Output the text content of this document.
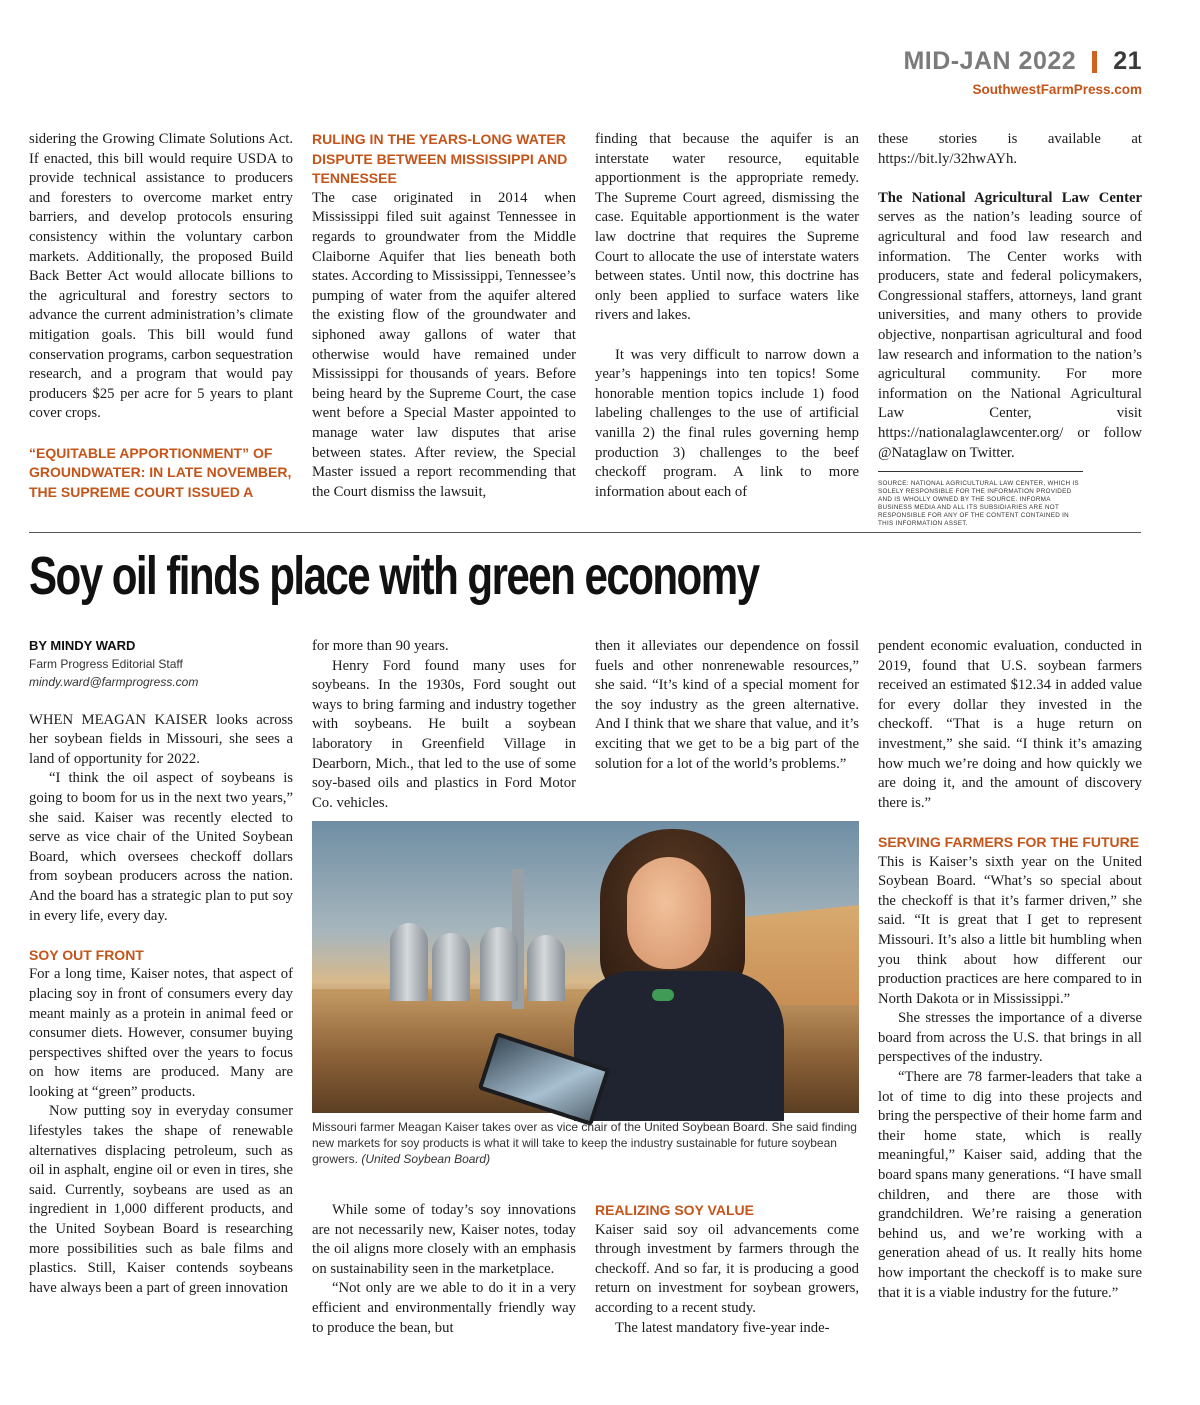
MID-JAN 2022 21
SouthwestFarmPress.com

sidering the Growing Climate Solutions Act. If enacted, this bill would require USDA to provide technical assistance to producers and foresters to overcome market entry barriers, and develop protocols ensuring consistency within the voluntary carbon markets. Additionally, the proposed Build Back Better Act would allocate billions to the agricultural and forestry sectors to advance the current administration’s climate mitigation goals. This bill would fund conservation programs, carbon sequestration research, and a program that would pay producers $25 per acre for 5 years to plant cover crops.

“EQUITABLE APPORTIONMENT” OF GROUNDWATER: IN LATE NOVEMBER, THE SUPREME COURT ISSUED A
RULING IN THE YEARS-LONG WATER DISPUTE BETWEEN MISSISSIPPI AND TENNESSEE

The case originated in 2014 when Mississippi filed suit against Tennessee in regards to groundwater from the Middle Claiborne Aquifer that lies beneath both states. According to Mississippi, Tennessee’s pumping of water from the aquifer altered the existing flow of the groundwater and siphoned away gallons of water that otherwise would have remained under Mississippi for thousands of years. Before being heard by the Supreme Court, the case went before a Special Master appointed to manage water law disputes that arise between states. After review, the Special Master issued a report recommending that the Court dismiss the lawsuit,

finding that because the aquifer is an interstate water resource, equitable apportionment is the appropriate remedy. The Supreme Court agreed, dismissing the case. Equitable apportionment is the water law doctrine that requires the Supreme Court to allocate the use of interstate waters between states. Until now, this doctrine has only been applied to surface waters like rivers and lakes.

It was very difficult to narrow down a year’s happenings into ten topics! Some honorable mention topics include 1) food labeling challenges to the use of artificial vanilla 2) the final rules governing hemp production 3) challenges to the beef checkoff program. A link to more information about each of

these stories is available at https://bit.ly/32hwAYh.

The National Agricultural Law Center serves as the nation’s leading source of agricultural and food law research and information. The Center works with producers, state and federal policymakers, Congressional staffers, attorneys, land grant universities, and many others to provide objective, nonpartisan agricultural and food law research and information to the nation’s agricultural community. For more information on the National Agricultural Law Center, visit https://nationalaglawcenter.org/ or follow @Nataglaw on Twitter.

SOURCE: NATIONAL AGRICULTURAL LAW CENTER, WHICH IS SOLELY RESPONSIBLE FOR THE INFORMATION PROVIDED AND IS WHOLLY OWNED BY THE SOURCE. INFORMA BUSINESS MEDIA AND ALL ITS SUBSIDIARIES ARE NOT RESPONSIBLE FOR ANY OF THE CONTENT CONTAINED IN THIS INFORMATION ASSET.
Soy oil finds place with green economy
BY MINDY WARD
Farm Progress Editorial Staff
mindy.ward@farmprogress.com

WHEN MEAGAN KAISER looks across her soybean fields in Missouri, she sees a land of opportunity for 2022.

“I think the oil aspect of soybeans is going to boom for us in the next two years,” she said. Kaiser was recently elected to serve as vice chair of the United Soybean Board, which oversees checkoff dollars from soybean producers across the nation. And the board has a strategic plan to put soy in every life, every day.

SOY OUT FRONT

For a long time, Kaiser notes, that aspect of placing soy in front of consumers every day meant mainly as a protein in animal feed or consumer diets. However, consumer buying perspectives shifted over the years to focus on how items are produced. Many are looking at “green” products.

Now putting soy in everyday consumer lifestyles takes the shape of renewable alternatives displacing petroleum, such as oil in asphalt, engine oil or even in tires, she said. Currently, soybeans are used as an ingredient in 1,000 different products, and the United Soybean Board is researching more possibilities such as bale films and plastics. Still, Kaiser contends soybeans have always been a part of green innovation

for more than 90 years.

Henry Ford found many uses for soybeans. In the 1930s, Ford sought out ways to bring farming and industry together with soybeans. He built a soybean laboratory in Greenfield Village in Dearborn, Mich., that led to the use of some soy-based oils and plastics in Ford Motor Co. vehicles.

then it alleviates our dependence on fossil fuels and other nonrenewable resources,” she said. “It’s kind of a special moment for the soy industry as the green alternative. And I think that we share that value, and it’s exciting that we get to be a big part of the solution for a lot of the world’s problems.”

pendent economic evaluation, conducted in 2019, found that U.S. soybean farmers received an estimated $12.34 in added value for every dollar they invested in the checkoff. “That is a huge return on investment,” she said. “I think it’s amazing how much we’re doing and how quickly we are doing it, and the amount of discovery there is.”

SERVING FARMERS FOR THE FUTURE

This is Kaiser’s sixth year on the United Soybean Board. “What’s so special about the checkoff is that it’s farmer driven,” she said. “It is great that I get to represent Missouri. It’s also a little bit humbling when you think about how different our production practices are here compared to in North Dakota or in Mississippi.”

She stresses the importance of a diverse board from across the U.S. that brings in all perspectives of the industry.

“There are 78 farmer-leaders that take a lot of time to dig into these projects and bring the perspective of their home farm and their home state, which is really meaningful,” Kaiser said, adding that the board spans many generations. “I have small children, and there are those with grandchildren. We’re raising a generation behind us, and we’re working with a generation ahead of us. It really hits home how important the checkoff is to make sure that it is a viable industry for the future.”

Missouri farmer Meagan Kaiser takes over as vice chair of the United Soybean Board. She said finding new markets for soy products is what it will take to keep the industry sustainable for future soybean growers. (United Soybean Board)

While some of today’s soy innovations are not necessarily new, Kaiser notes, today the oil aligns more closely with an emphasis on sustainability seen in the marketplace.

“Not only are we able to do it in a very efficient and environmentally friendly way to produce the bean, but

REALIZING SOY VALUE

Kaiser said soy oil advancements come through investment by farmers through the checkoff. And so far, it is producing a good return on investment for soybean growers, according to a recent study.

The latest mandatory five-year inde-
